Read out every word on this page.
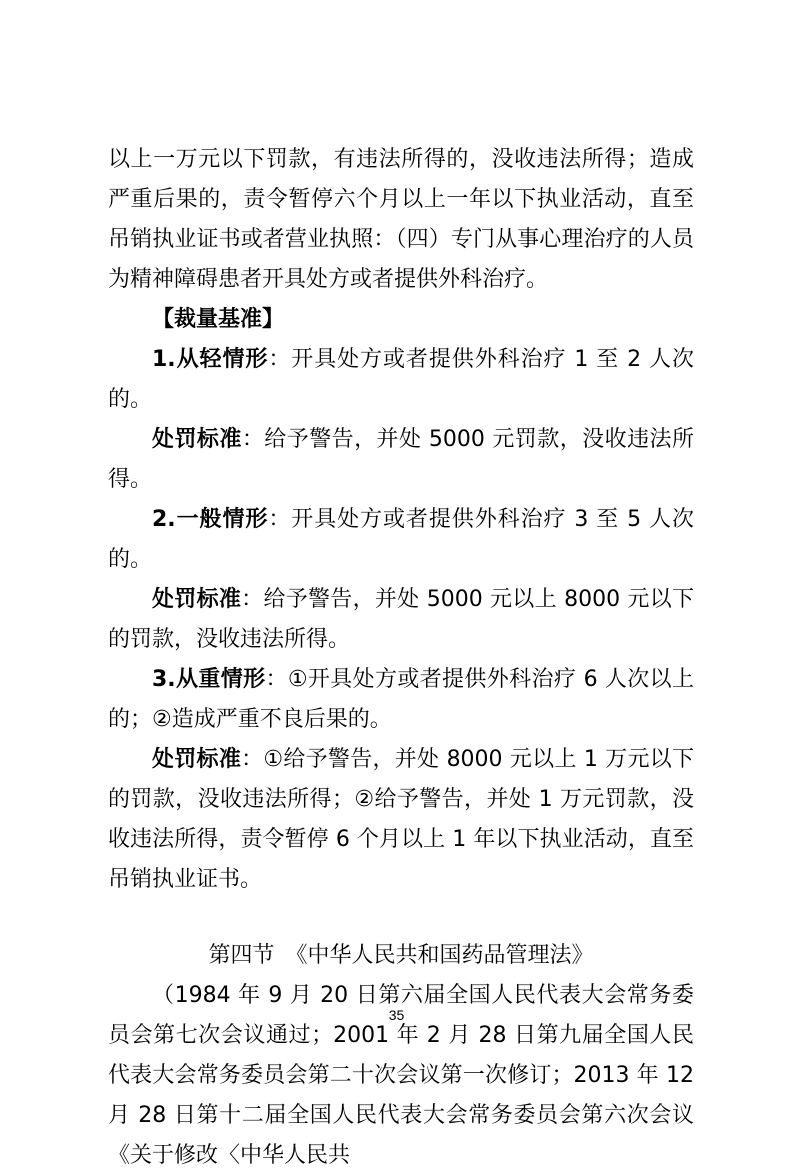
以上一万元以下罚款，有违法所得的，没收违法所得；造成严重后果的，责令暂停六个月以上一年以下执业活动，直至吊销执业证书或者营业执照：（四）专门从事心理治疗的人员为精神障碍患者开具处方或者提供外科治疗。

【裁量基准】

1.从轻情形：开具处方或者提供外科治疗 1 至 2 人次的。

处罚标准：给予警告，并处 5000 元罚款，没收违法所得。

2.一般情形：开具处方或者提供外科治疗 3 至 5 人次的。

处罚标准：给予警告，并处 5000 元以上 8000 元以下的罚款，没收违法所得。

3.从重情形：①开具处方或者提供外科治疗 6 人次以上的；②造成严重不良后果的。

处罚标准：①给予警告，并处 8000 元以上 1 万元以下的罚款，没收违法所得；②给予警告，并处 1 万元罚款，没收违法所得，责令暂停 6 个月以上 1 年以下执业活动，直至吊销执业证书。

第四节　《中华人民共和国药品管理法》

（1984 年 9 月 20 日第六届全国人民代表大会常务委员会第七次会议通过；2001 年 2 月 28 日第九届全国人民代表大会常务委员会第二十次会议第一次修订；2013 年 12 月 28 日第十二届全国人民代表大会常务委员会第六次会议《关于修改〈中华人民共

35
